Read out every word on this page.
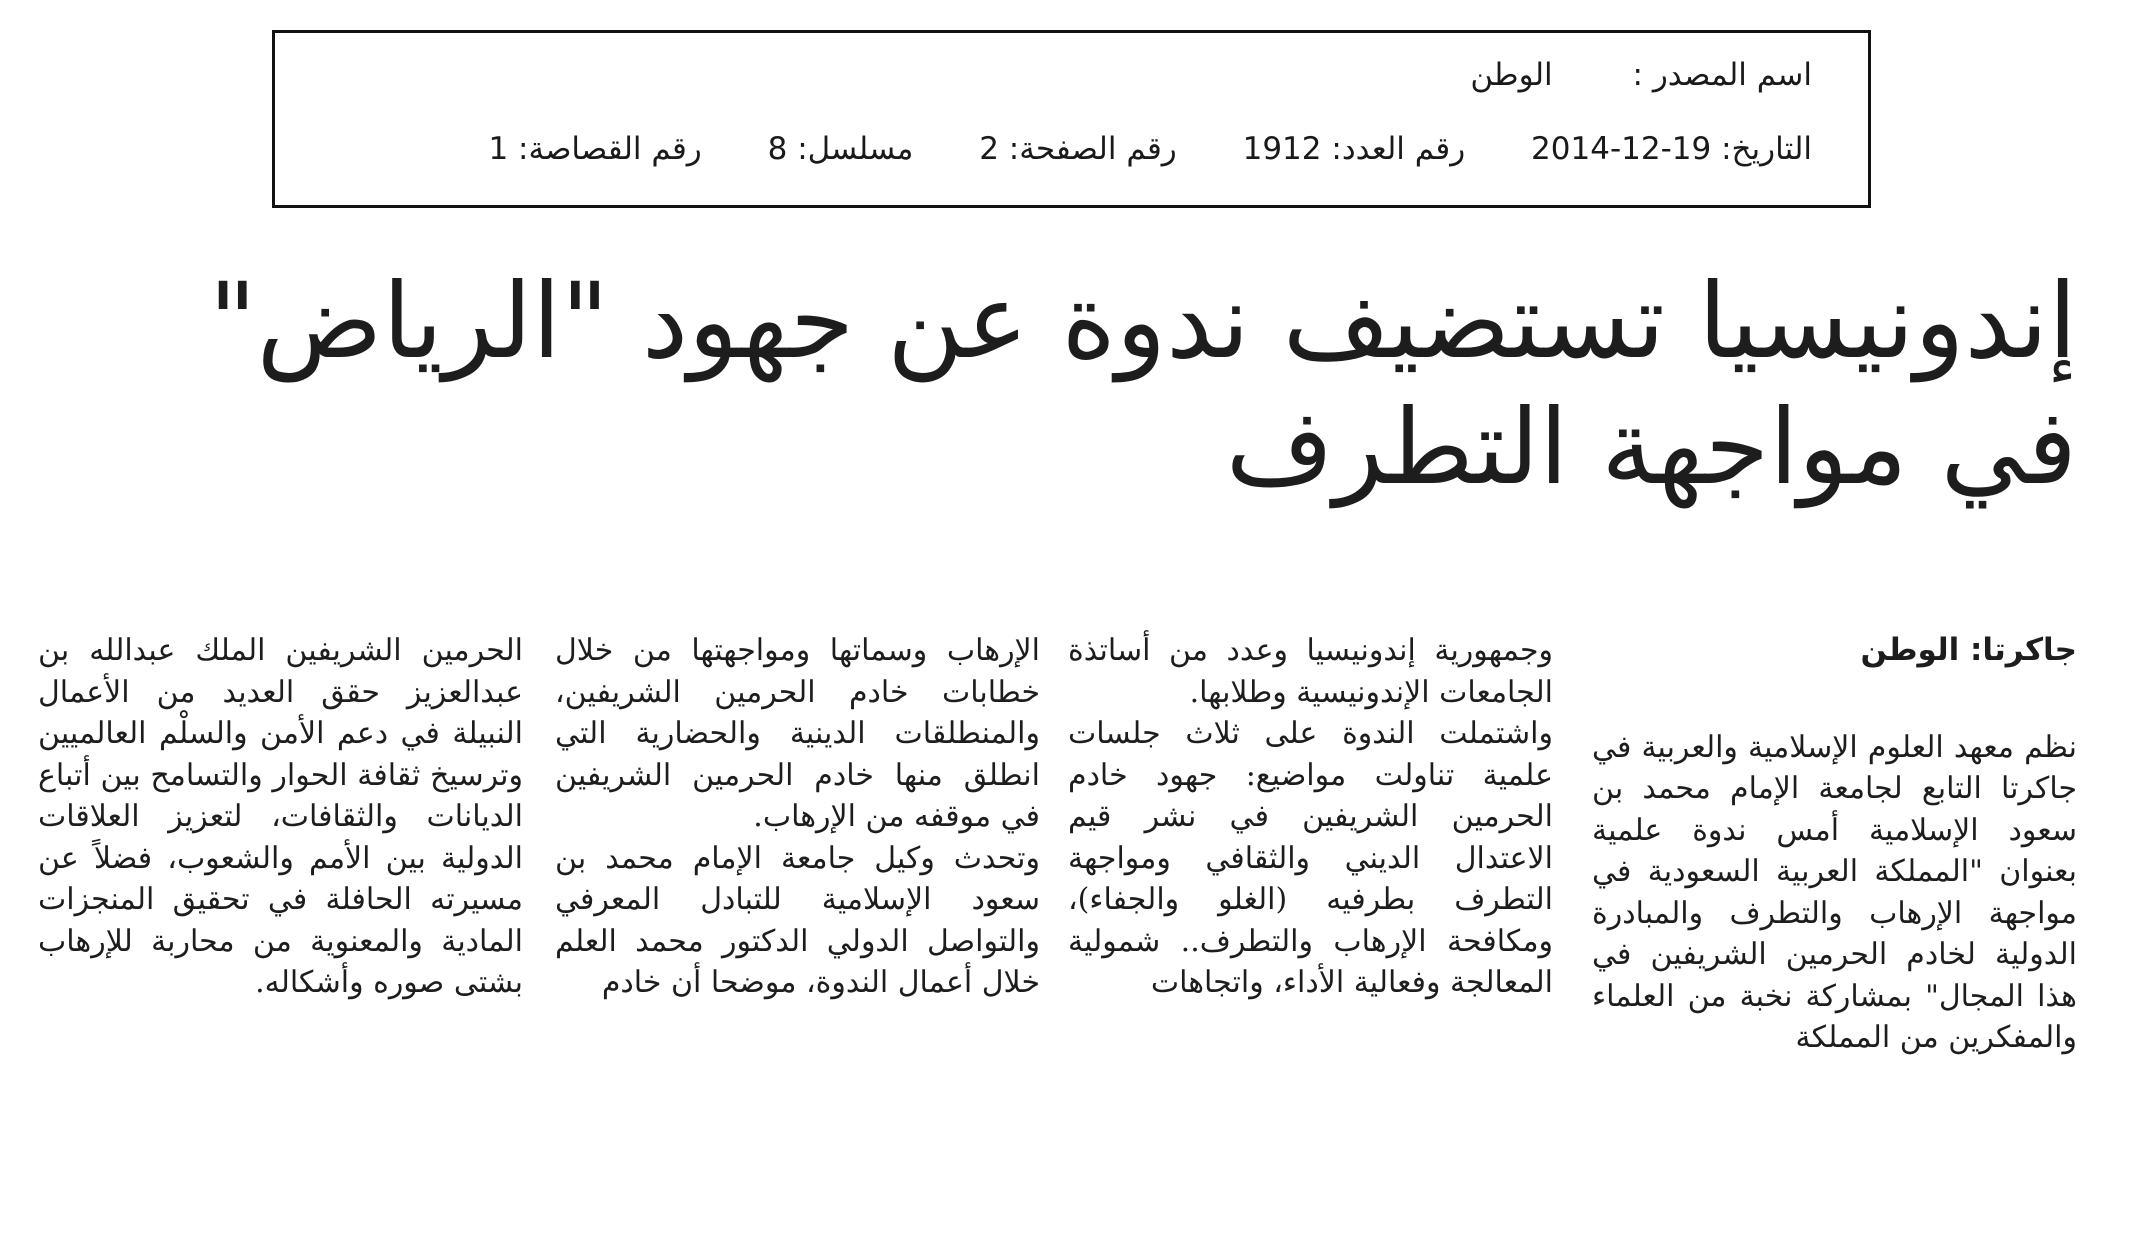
اسم المصدر : الوطن
التاريخ: 19-12-2014 رقم العدد: 1912 رقم الصفحة: 2 مسلسل: 8 رقم القصاصة: 1
إندونيسيا تستضيف ندوة عن جهود "الرياض" في مواجهة التطرف
جاكرتا: الوطن
نظم معهد العلوم الإسلامية والعربية في جاكرتا التابع لجامعة الإمام محمد بن سعود الإسلامية أمس ندوة علمية بعنوان "المملكة العربية السعودية في مواجهة الإرهاب والتطرف والمبادرة الدولية لخادم الحرمين الشريفين في هذا المجال" بمشاركة نخبة من العلماء والمفكرين من المملكة
وجمهورية إندونيسيا وعدد من أساتذة الجامعات الإندونيسية وطلابها.
واشتملت الندوة على ثلاث جلسات علمية تناولت مواضيع: جهود خادم الحرمين الشريفين في نشر قيم الاعتدال الديني والثقافي ومواجهة التطرف بطرفيه (الغلو والجفاء)، ومكافحة الإرهاب والتطرف.. شمولية المعالجة وفعالية الأداء، واتجاهات
الإرهاب وسماتها ومواجهتها من خلال خطابات خادم الحرمين الشريفين، والمنطلقات الدينية والحضارية التي انطلق منها خادم الحرمين الشريفين في موقفه من الإرهاب.
وتحدث وكيل جامعة الإمام محمد بن سعود الإسلامية للتبادل المعرفي والتواصل الدولي الدكتور محمد العلم خلال أعمال الندوة، موضحا أن خادم
الحرمين الشريفين الملك عبدالله بن عبدالعزيز حقق العديد من الأعمال النبيلة في دعم الأمن والسلْم العالميين وترسيخ ثقافة الحوار والتسامح بين أتباع الديانات والثقافات، لتعزيز العلاقات الدولية بين الأمم والشعوب، فضلاً عن مسيرته الحافلة في تحقيق المنجزات المادية والمعنوية من محاربة للإرهاب بشتى صوره وأشكاله.
